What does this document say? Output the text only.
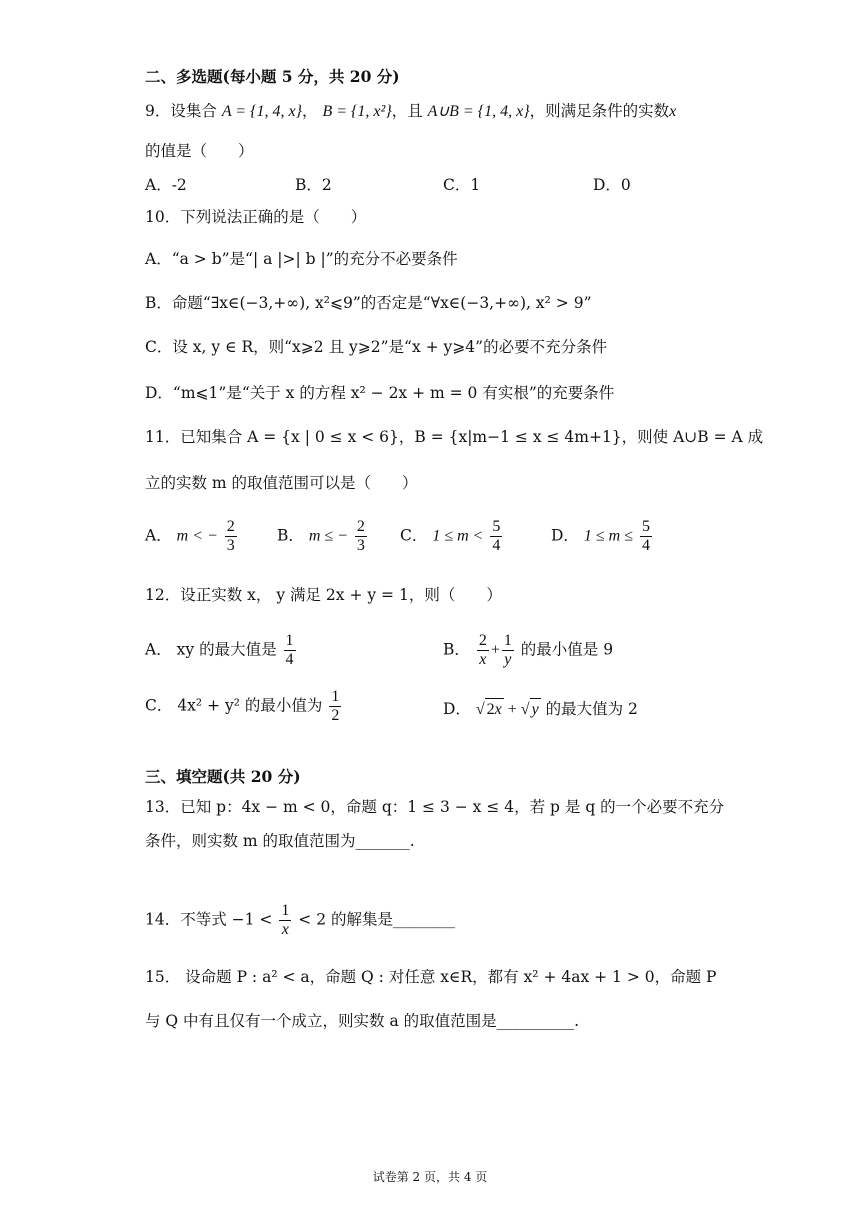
二、多选题(每小题 5 分，共 20 分)
9．设集合 A = {1, 4, x}， B = {1, x²}，且 A∪B = {1, 4, x}，则满足条件的实数x
的值是（　　）
A．-2	B．2	C．1	D．0
10．下列说法正确的是（　　）
A．“a > b”是“| a |>| b |”的充分不必要条件
B．命题“∃x∈(−3,+∞), x²⩽9”的否定是“∀x∈(−3,+∞), x² > 9”
C．设 x, y ∈ R，则“x⩾2 且 y⩾2”是“x + y⩾4”的必要不充分条件
D．“m⩽1”是“关于 x 的方程 x² − 2x + m = 0 有实根”的充要条件
11．已知集合 A = {x | 0 ≤ x < 6}，B = {x|m−1 ≤ x ≤ 4m+1}，则使 A∪B = A 成
立的实数 m 的取值范围可以是（　　）
A． m < − $\frac{2}{3}$	B． m ≤ − $\frac{2}{3}$ C． $1 \le m < \frac{5}{4}$	D． $1 \le m \le \frac{5}{4}$
12．设正实数 x， y 满足 2x + y = 1，则（　　）
A． xy 的最大值是 $\frac{1}{4}$	B． $\frac{2}{x} + \frac{1}{y}$ 的最小值是 9
C． 4x² + y² 的最小值为 $\frac{1}{2}$	D． √ 2x + √ y 的最大值为 2
三、填空题(共 20 分)
13．已知 p：4x − m < 0，命题 q：1 ≤ 3 − x ≤ 4，若 p 是 q 的一个必要不充分
条件，则实数 m 的取值范围为_______.
14．不等式 $-1 < \frac{1}{x} < 2$ 的解集是________
15． 设命题 P : a² < a，命题 Q : 对任意 x∈R，都有 x² + 4ax + 1 > 0，命题 P
与 Q 中有且仅有一个成立，则实数 a 的取值范围是__________.
试卷第 2 页，共 4 页
